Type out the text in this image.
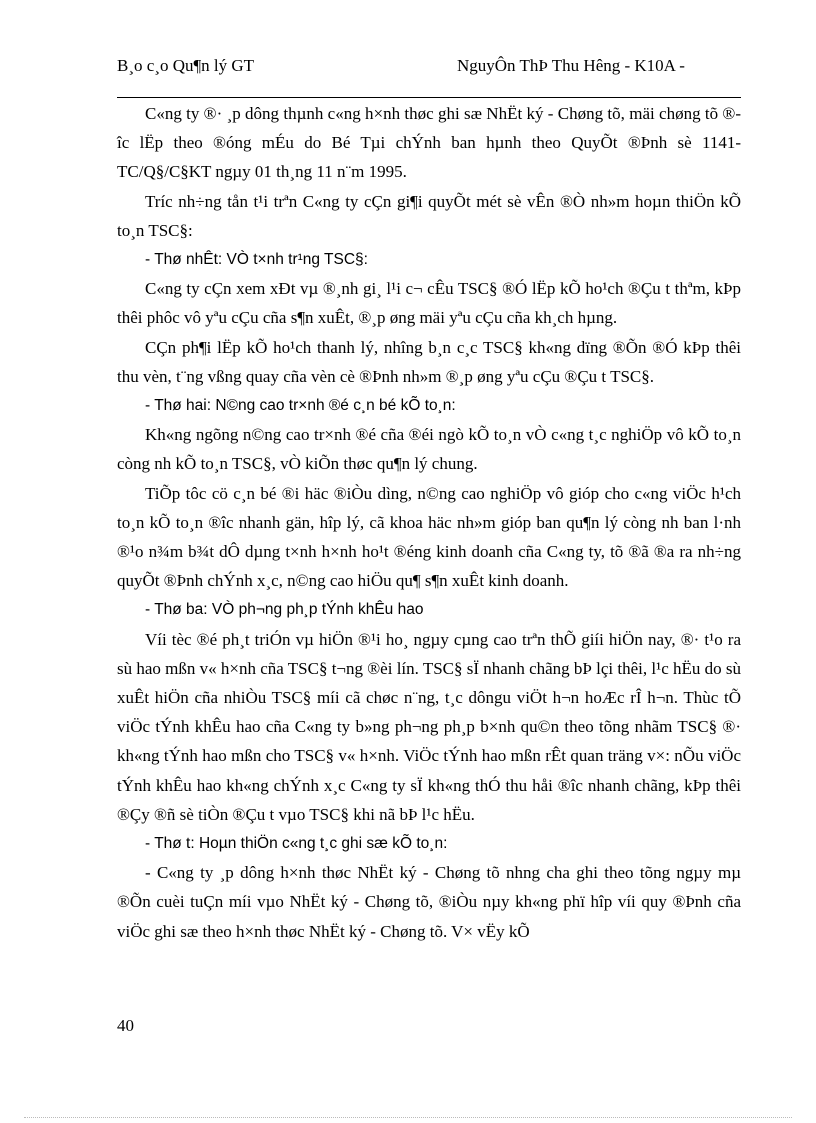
B¸o c¸o Qu¶n lý GT	NguyÔn ThÞ Thu Hêng - K10A -

C«ng ty ®· ¸p dông thµnh c«ng h×nh thøc ghi sæ NhËt ký - Chøng tõ, mäi chøng tõ ®îc lËp theo ®óng mÉu do Bé Tµi chÝnh ban hµnh theo QuyÕt ®Þnh sè 1141-TC/Q§/C§KT ngµy 01 th¸ng 11 n¨m 1995.

Tríc nh÷ng tån t¹i trªn C«ng ty cÇn gi¶i quyÕt mét sè vÊn ®Ò nh»m hoµn thiÖn kÕ to¸n TSC§:

- Thø nhÊt: VÒ t×nh tr¹ng TSC§:

C«ng ty cÇn xem xÐt vµ ®¸nh gi¸ l¹i c¬ cÊu TSC§ ®Ó lËp kÕ ho¹ch ®Çu t thªm, kÞp thêi phôc vô yªu cÇu cña s¶n xuÊt, ®¸p øng mäi yªu cÇu cña kh¸ch hµng.

CÇn ph¶i lËp kÕ ho¹ch thanh lý, nhîng b¸n c¸c TSC§ kh«ng dïng ®Õn ®Ó kÞp thêi thu vèn, t¨ng vßng quay cña vèn cè ®Þnh nh»m ®¸p øng yªu cÇu ®Çu t TSC§.

- Thø hai: N©ng cao tr×nh ®é c¸n bé kÕ to¸n:

Kh«ng ngõng n©ng cao tr×nh ®é cña ®éi ngò kÕ to¸n vÒ c«ng t¸c nghiÖp vô kÕ to¸n còng nh kÕ to¸n TSC§, vÒ kiÕn thøc qu¶n lý chung.

TiÕp tôc cö c¸n bé ®i häc ®iÒu dìng, n©ng cao nghiÖp vô gióp cho c«ng viÖc h¹ch to¸n kÕ to¸n ®îc nhanh gän, hîp lý, cã khoa häc nh»m gióp ban qu¶n lý còng nh ban l·nh ®¹o n¾m b¾t dÔ dµng t×nh h×nh ho¹t ®éng kinh doanh cña C«ng ty, tõ ®ã ®a ra nh÷ng quyÕt ®Þnh chÝnh x¸c, n©ng cao hiÖu qu¶ s¶n xuÊt kinh doanh.

- Thø ba: VÒ ph¬ng ph¸p tÝnh khÊu hao

Víi tèc ®é ph¸t triÓn vµ hiÖn ®¹i ho¸ ngµy cµng cao trªn thÕ giíi hiÖn nay, ®· t¹o ra sù hao mßn v« h×nh cña TSC§ t¬ng ®èi lín. TSC§ sÏ nhanh chãng bÞ lçi thêi, l¹c hËu do sù xuÊt hiÖn cña nhiÒu TSC§ míi cã chøc n¨ng, t¸c dôngu viÖt h¬n hoÆc rÎ h¬n. Thùc tÕ viÖc tÝnh khÊu hao cña C«ng ty b»ng ph¬ng ph¸p b×nh qu©n theo tõng nhãm TSC§ ®· kh«ng tÝnh hao mßn cho TSC§ v« h×nh. ViÖc tÝnh hao mßn rÊt quan träng v×: nÕu viÖc tÝnh khÊu hao kh«ng chÝnh x¸c C«ng ty sÏ kh«ng thÓ thu håi ®îc nhanh chãng, kÞp thêi ®Çy ®ñ sè tiÒn ®Çu t vµo TSC§ khi nã bÞ l¹c hËu.

- Thø t: Hoµn thiÖn c«ng t¸c ghi sæ kÕ to¸n:

- C«ng ty ¸p dông h×nh thøc NhËt ký - Chøng tõ nhng cha ghi theo tõng ngµy mµ ®Õn cuèi tuÇn míi vµo NhËt ký - Chøng tõ, ®iÒu nµy kh«ng phï hîp víi quy ®Þnh cña viÖc ghi sæ theo h×nh thøc NhËt ký - Chøng tõ. V× vËy kÕ

40
